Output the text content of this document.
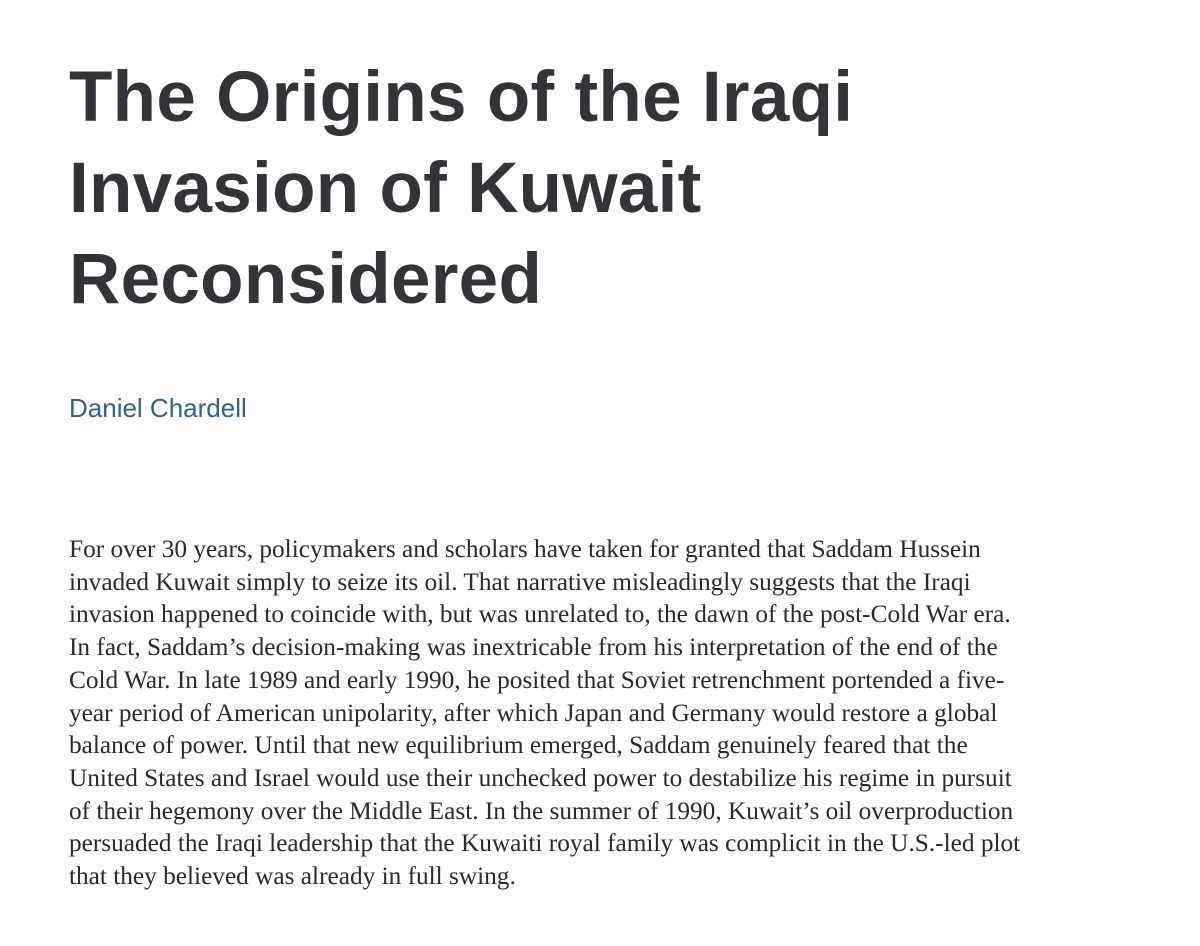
The Origins of the Iraqi
Invasion of Kuwait
Reconsidered
Daniel Chardell
For over 30 years, policymakers and scholars have taken for granted that Saddam Hussein
invaded Kuwait simply to seize its oil. That narrative misleadingly suggests that the Iraqi
invasion happened to coincide with, but was unrelated to, the dawn of the post-Cold War era.
In fact, Saddam’s decision-making was inextricable from his interpretation of the end of the
Cold War. In late 1989 and early 1990, he posited that Soviet retrenchment portended a five-
year period of American unipolarity, after which Japan and Germany would restore a global
balance of power. Until that new equilibrium emerged, Saddam genuinely feared that the
United States and Israel would use their unchecked power to destabilize his regime in pursuit
of their hegemony over the Middle East. In the summer of 1990, Kuwait’s oil overproduction
persuaded the Iraqi leadership that the Kuwaiti royal family was complicit in the U.S.-led plot
that they believed was already in full swing.
